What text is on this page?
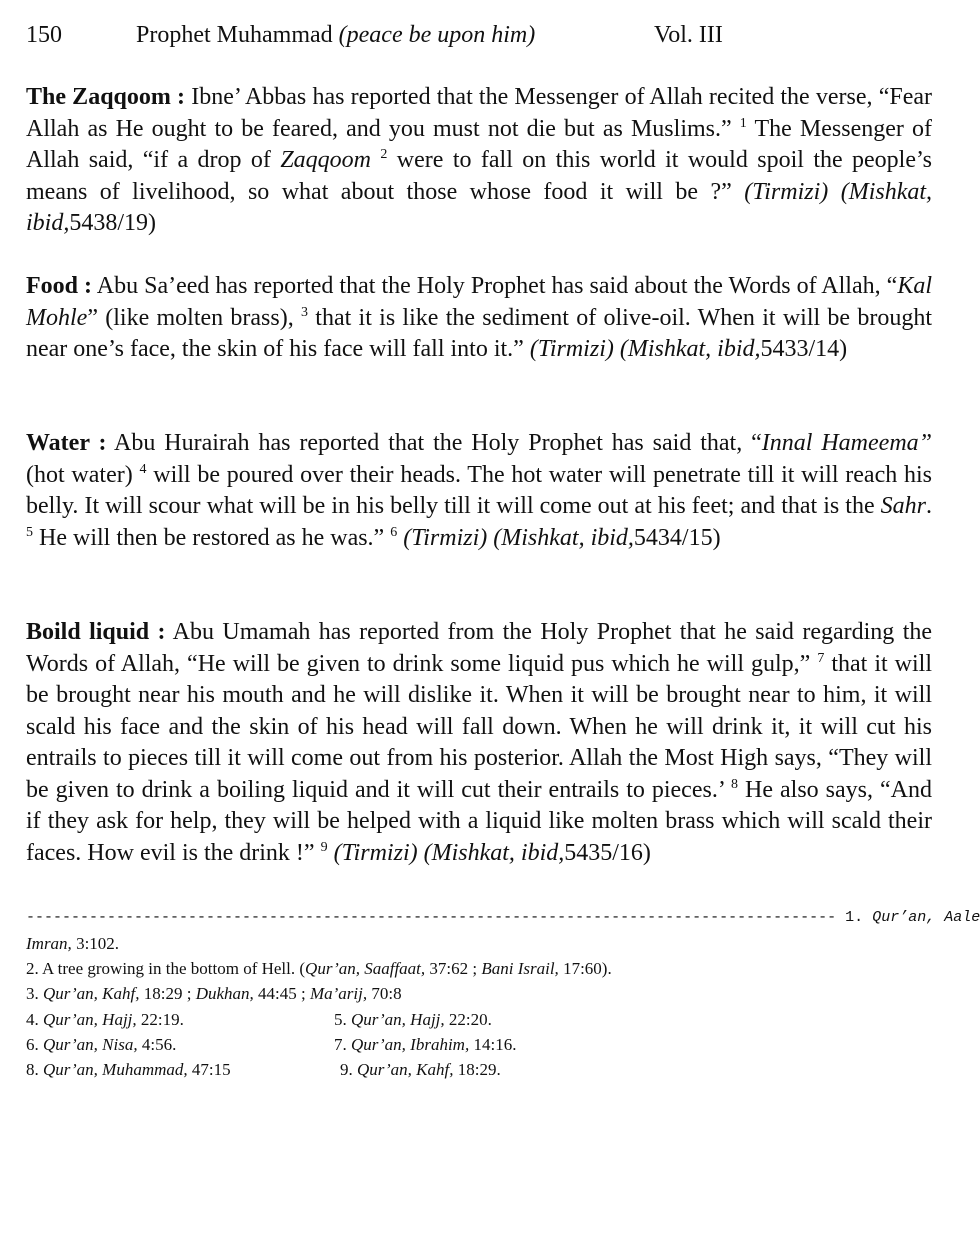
150	Prophet Muhammad (peace be upon him)	Vol. III
The Zaqqoom : Ibne’ Abbas has reported that the Messenger of Allah recited the verse, “Fear Allah as He ought to be feared, and you must not die but as Muslims.” $^1$ The Messenger of Allah said, “if a drop of Zaqqoom $^2$ were to fall on this world it would spoil the people’s means of livelihood, so what about those whose food it will be ?” (Tirmizi) (Mishkat, ibid,5438/19)
Food : Abu Sa’eed has reported that the Holy Prophet has said about the Words of Allah, “Kal Mohle” (like molten brass), $^3$ that it is like the sediment of olive-oil. When it will be brought near one’s face, the skin of his face will fall into it.” (Tirmizi) (Mishkat, ibid,5433/14)
Water : Abu Hurairah has reported that the Holy Prophet has said that, “Innal Hameema” (hot water) $^4$ will be poured over their heads. The hot water will penetrate till it will reach his belly. It will scour what will be in his belly till it will come out at his feet; and that is the Sahr. $^5$ He will then be restored as he was.” $^6$ (Tirmizi) (Mishkat, ibid,5434/15)
Boild liquid : Abu Umamah has reported from the Holy Prophet that he said regarding the Words of Allah, “He will be given to drink some liquid pus which he will gulp,” $^7$ that it will be brought near his mouth and he will dislike it. When it will be brought near to him, it will scald his face and the skin of his head will fall down. When he will drink it, it will cut his entrails to pieces till it will come out from his posterior. Allah the Most High says, “They will be given to drink a boiling liquid and it will cut their entrails to pieces.’ $^8$ He also says, “And if they ask for help, they will be helped with a liquid like molten brass which will scald their faces. How evil is the drink !” $^9$ (Tirmizi) (Mishkat, ibid,5435/16)
------------------------------------------------------------------------------------------ 1. Qur’an, Aale
Imran, 3:102.
2. A tree growing in the bottom of Hell. (Qur’an, Saaffaat, 37:62 ; Bani Israil, 17:60).
3. Qur’an, Kahf, 18:29 ; Dukhan, 44:45 ; Ma’arij, 70:8
4. Qur’an, Hajj, 22:19.	5. Qur’an, Hajj, 22:20.
6. Qur’an, Nisa, 4:56.	7. Qur’an, Ibrahim, 14:16.
8. Qur’an, Muhammad, 47:15	9. Qur’an, Kahf, 18:29.
